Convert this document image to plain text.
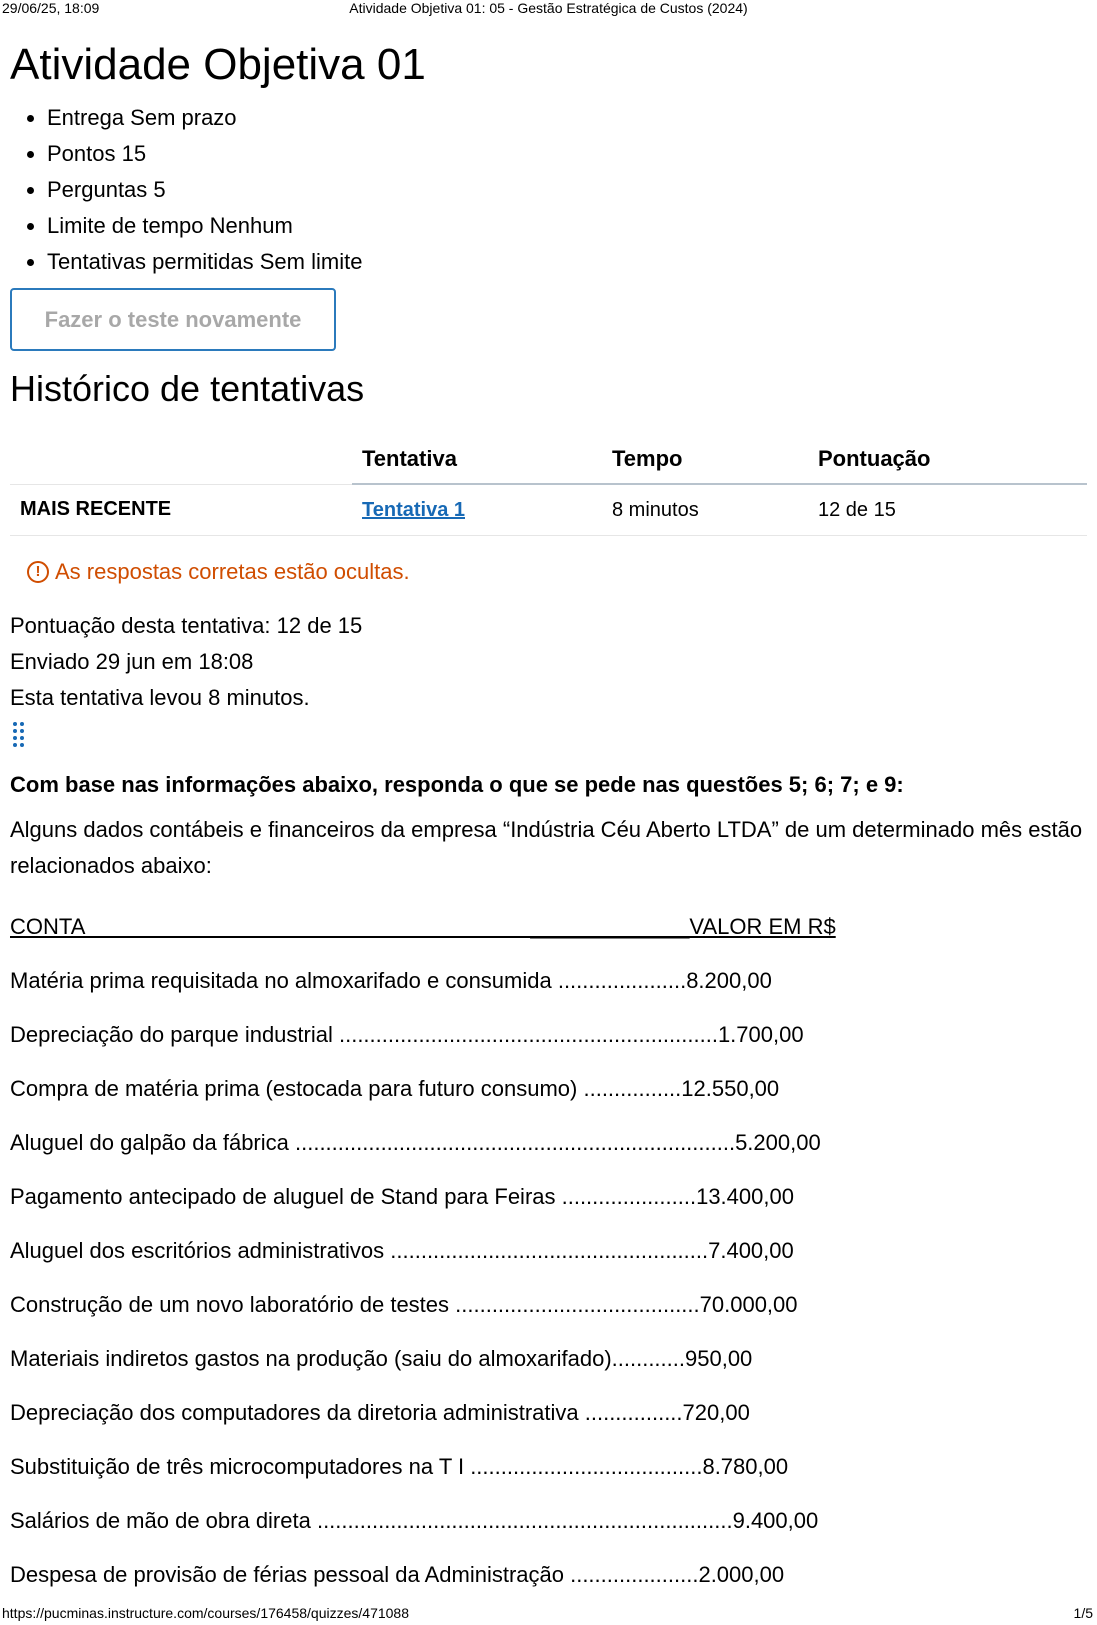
29/06/25, 18:09	Atividade Objetiva 01: 05 - Gestão Estratégica de Custos (2024)
Atividade Objetiva 01
• Entrega Sem prazo
• Pontos 15
• Perguntas 5
• Limite de tempo Nenhum
• Tentativas permitidas Sem limite
Fazer o teste novamente
Histórico de tentativas
	Tentativa	Tempo	Pontuação
MAIS RECENTE	Tentativa 1	8 minutos	12 de 15
! As respostas corretas estão ocultas.
Pontuação desta tentativa: 12 de 15
Enviado 29 jun em 18:08
Esta tentativa levou 8 minutos.

Com base nas informações abaixo, responda o que se pede nas questões 5; 6; 7; e 9:

Alguns dados contábeis e financeiros da empresa “Indústria Céu Aberto LTDA” de um determinado mês estão relacionados abaixo:

CONTA                                                                         _____________VALOR EM R$

Matéria prima requisitada no almoxarifado e consumida .....................8.200,00

Depreciação do parque industrial ..............................................................1.700,00

Compra de matéria prima (estocada para futuro consumo) ................12.550,00

Aluguel do galpão da fábrica ........................................................................5.200,00

Pagamento antecipado de aluguel de Stand para Feiras ......................13.400,00

Aluguel dos escritórios administrativos ....................................................7.400,00

Construção de um novo laboratório de testes ........................................70.000,00

Materiais indiretos gastos na produção (saiu do almoxarifado)............950,00

Depreciação dos computadores da diretoria administrativa ................720,00

Substituição de três microcomputadores na T I ......................................8.780,00

Salários de mão de obra direta ....................................................................9.400,00

Despesa de provisão de férias pessoal da Administração .....................2.000,00

https://pucminas.instructure.com/courses/176458/quizzes/471088	1/5
